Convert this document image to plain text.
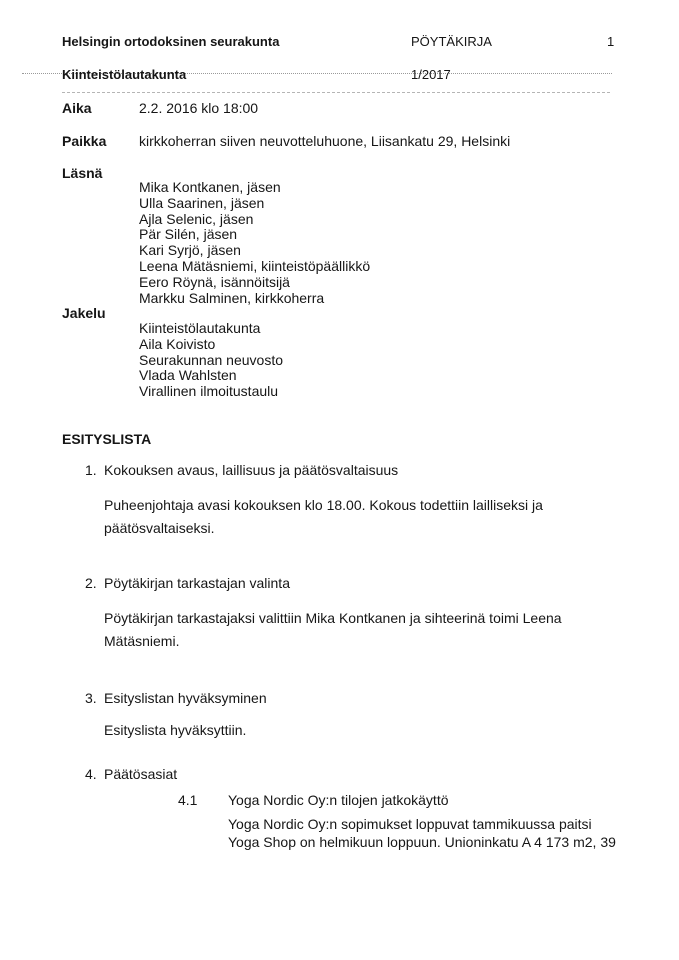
Helsingin ortodoksinen seurakunta	PÖYTÄKIRJA	1
Kiinteistölautakunta	1/2017
Aika	2.2. 2016 klo 18:00
Paikka kirkkoherran siiven neuvotteluhuone, Liisankatu 29, Helsinki
Läsnä
Mika Kontkanen, jäsen
Ulla Saarinen, jäsen
Ajla Selenic, jäsen
Pär Silén, jäsen
Kari Syrjö, jäsen
Leena Mätäsniemi, kiinteistöpäällikkö
Eero Röynä, isännöitsijä
Markku Salminen, kirkkoherra
Jakelu
Kiinteistölautakunta
Aila Koivisto
Seurakunnan neuvosto
Vlada Wahlsten
Virallinen ilmoitustaulu
ESITYSLISTA
1. Kokouksen avaus, laillisuus ja päätösvaltaisuus
Puheenjohtaja avasi kokouksen klo 18.00. Kokous todettiin lailliseksi ja
päätösvaltaiseksi.
2. Pöytäkirjan tarkastajan valinta
Pöytäkirjan tarkastajaksi valittiin Mika Kontkanen ja sihteerinä toimi Leena
Mätäsniemi.
3. Esityslistan hyväksyminen
Esityslista hyväksyttiin.
4. Päätösasiat
4.1 Yoga Nordic Oy:n tilojen jatkokäyttö
Yoga Nordic Oy:n sopimukset loppuvat tammikuussa paitsi
Yoga Shop on helmikuun loppuun. Unioninkatu A 4 173 m2, 39
